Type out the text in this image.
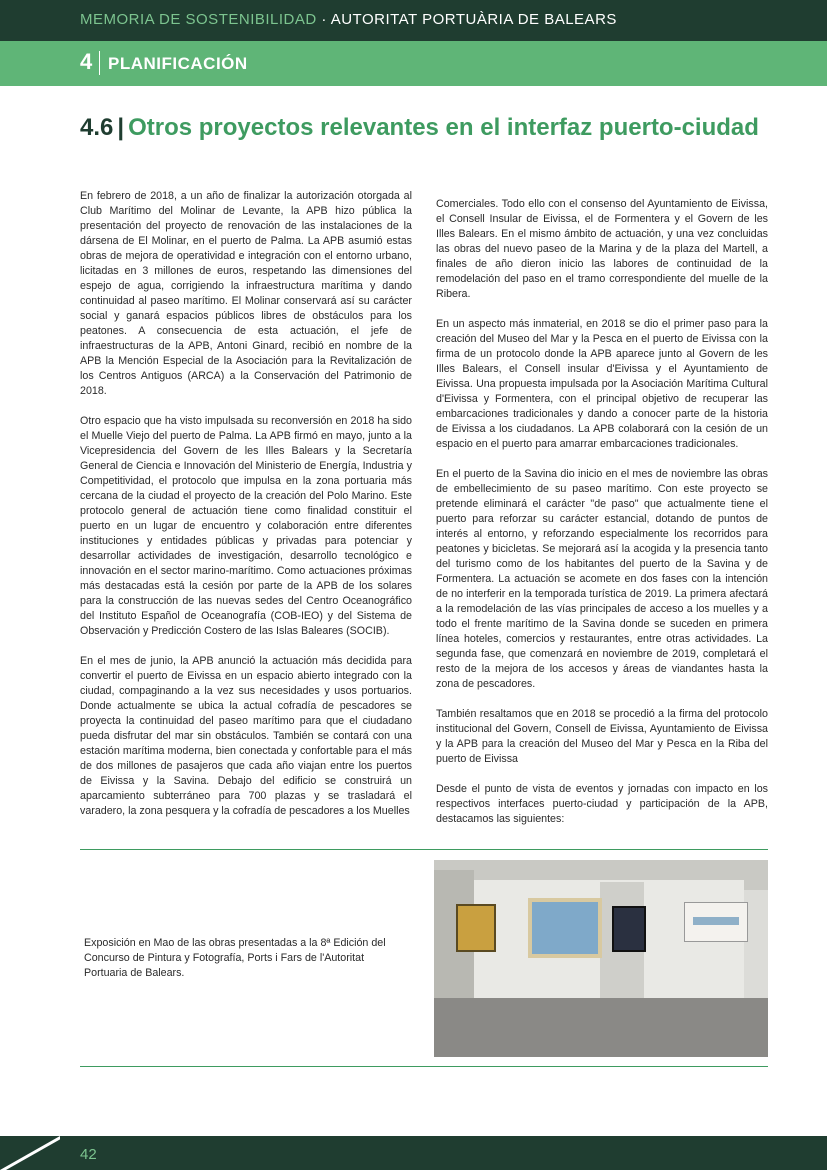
MEMORIA DE SOSTENIBILIDAD · AUTORITAT PORTUÀRIA DE BALEARS
4 PLANIFICACIÓN
4.6 | Otros proyectos relevantes en el interfaz puerto-ciudad

En febrero de 2018, a un año de finalizar la autorización otorgada al Club Marítimo del Molinar de Levante, la APB hizo pública la presentación del proyecto de renovación de las instalaciones de la dársena de El Molinar, en el puerto de Palma. La APB asumió estas obras de mejora de operatividad e integración con el entorno urbano, licitadas en 3 millones de euros, respetando las dimensiones del espejo de agua, corrigiendo la infraestructura marítima y dando continuidad al paseo marítimo. El Molinar conservará así su carácter social y ganará espacios públicos libres de obstáculos para los peatones. A consecuencia de esta actuación, el jefe de infraestructuras de la APB, Antoni Ginard, recibió en nombre de la APB la Mención Especial de la Asociación para la Revitalización de los Centros Antiguos (ARCA) a la Conservación del Patrimonio de 2018.

Otro espacio que ha visto impulsada su reconversión en 2018 ha sido el Muelle Viejo del puerto de Palma. La APB firmó en mayo, junto a la Vicepresidencia del Govern de les Illes Balears y la Secretaría General de Ciencia e Innovación del Ministerio de Energía, Industria y Competitividad, el protocolo que impulsa en la zona portuaria más cercana de la ciudad el proyecto de la creación del Polo Marino. Este protocolo general de actuación tiene como finalidad constituir el puerto en un lugar de encuentro y colaboración entre diferentes instituciones y entidades públicas y privadas para potenciar y desarrollar actividades de investigación, desarrollo tecnológico e innovación en el sector marino-marítimo. Como actuaciones próximas más destacadas está la cesión por parte de la APB de los solares para la construcción de las nuevas sedes del Centro Oceanográfico del Instituto Español de Oceanografía (COB-IEO) y del Sistema de Observación y Predicción Costero de las Islas Baleares (SOCIB).

En el mes de junio, la APB anunció la actuación más decidida para convertir el puerto de Eivissa en un espacio abierto integrado con la ciudad, compaginando a la vez sus necesidades y usos portuarios. Donde actualmente se ubica la actual cofradía de pescadores se proyecta la continuidad del paseo marítimo para que el ciudadano pueda disfrutar del mar sin obstáculos. También se contará con una estación marítima moderna, bien conectada y confortable para el más de dos millones de pasajeros que cada año viajan entre los puertos de Eivissa y la Savina. Debajo del edificio se construirá un aparcamiento subterráneo para 700 plazas y se trasladará el varadero, la zona pesquera y la cofradía de pescadores a los Muelles

Comerciales. Todo ello con el consenso del Ayuntamiento de Eivissa, el Consell Insular de Eivissa, el de Formentera y el Govern de les Illes Balears. En el mismo ámbito de actuación, y una vez concluidas las obras del nuevo paseo de la Marina y de la plaza del Martell, a finales de año dieron inicio las labores de continuidad de la remodelación del paso en el tramo correspondiente del muelle de la Ribera.

En un aspecto más inmaterial, en 2018 se dio el primer paso para la creación del Museo del Mar y la Pesca en el puerto de Eivissa con la firma de un protocolo donde la APB aparece junto al Govern de les Illes Balears, el Consell insular d'Eivissa y el Ayuntamiento de Eivissa. Una propuesta impulsada por la Asociación Marítima Cultural d'Eivissa y Formentera, con el principal objetivo de recuperar las embarcaciones tradicionales y dando a conocer parte de la historia de Eivissa a los ciudadanos. La APB colaborará con la cesión de un espacio en el puerto para amarrar embarcaciones tradicionales.

En el puerto de la Savina dio inicio en el mes de noviembre las obras de embellecimiento de su paseo marítimo. Con este proyecto se pretende eliminará el carácter "de paso" que actualmente tiene el puerto para reforzar su carácter estancial, dotando de puntos de interés al entorno, y reforzando especialmente los recorridos para peatones y bicicletas. Se mejorará así la acogida y la presencia tanto del turismo como de los habitantes del puerto de la Savina y de Formentera. La actuación se acomete en dos fases con la intención de no interferir en la temporada turística de 2019. La primera afectará a la remodelación de las vías principales de acceso a los muelles y a todo el frente marítimo de la Savina donde se suceden en primera línea hoteles, comercios y restaurantes, entre otras actividades. La segunda fase, que comenzará en noviembre de 2019, completará el resto de la mejora de los accesos y áreas de viandantes hasta la zona de pescadores.

También resaltamos que en 2018 se procedió a la firma del protocolo institucional del Govern, Consell de Eivissa, Ayuntamiento de Eivissa y la APB para la creación del Museo del Mar y Pesca en la Riba del puerto de Eivissa

Desde el punto de vista de eventos y jornadas con impacto en los respectivos interfaces puerto-ciudad y participación de la APB, destacamos las siguientes:

Exposición en Mao de las obras presentadas a la 8ª Edición del Concurso de Pintura y Fotografía, Ports i Fars de l'Autoritat Portuaria de Balears.
42
